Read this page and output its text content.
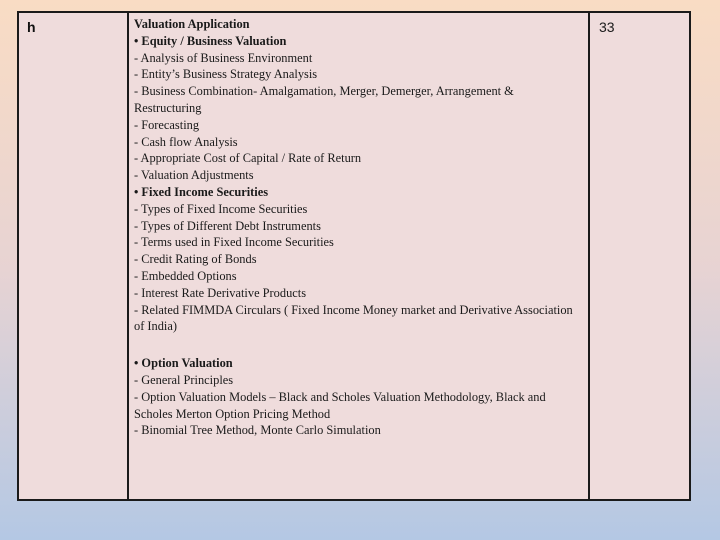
h	Valuation Application
• Equity / Business Valuation
- Analysis of Business Environment
- Entity’s Business Strategy Analysis
- Business Combination- Amalgamation, Merger, Demerger, Arrangement & Restructuring
- Forecasting
- Cash flow Analysis
- Appropriate Cost of Capital / Rate of Return
- Valuation Adjustments
• Fixed Income Securities
- Types of Fixed Income Securities
- Types of Different Debt Instruments
- Terms used in Fixed Income Securities
- Credit Rating of Bonds
- Embedded Options
- Interest Rate Derivative Products
- Related FIMMDA Circulars ( Fixed Income Money market and Derivative Association of India)
• Option Valuation
- General Principles
- Option Valuation Models – Black and Scholes Valuation Methodology, Black and Scholes Merton Option Pricing Method
- Binomial Tree Method, Monte Carlo Simulation
33
